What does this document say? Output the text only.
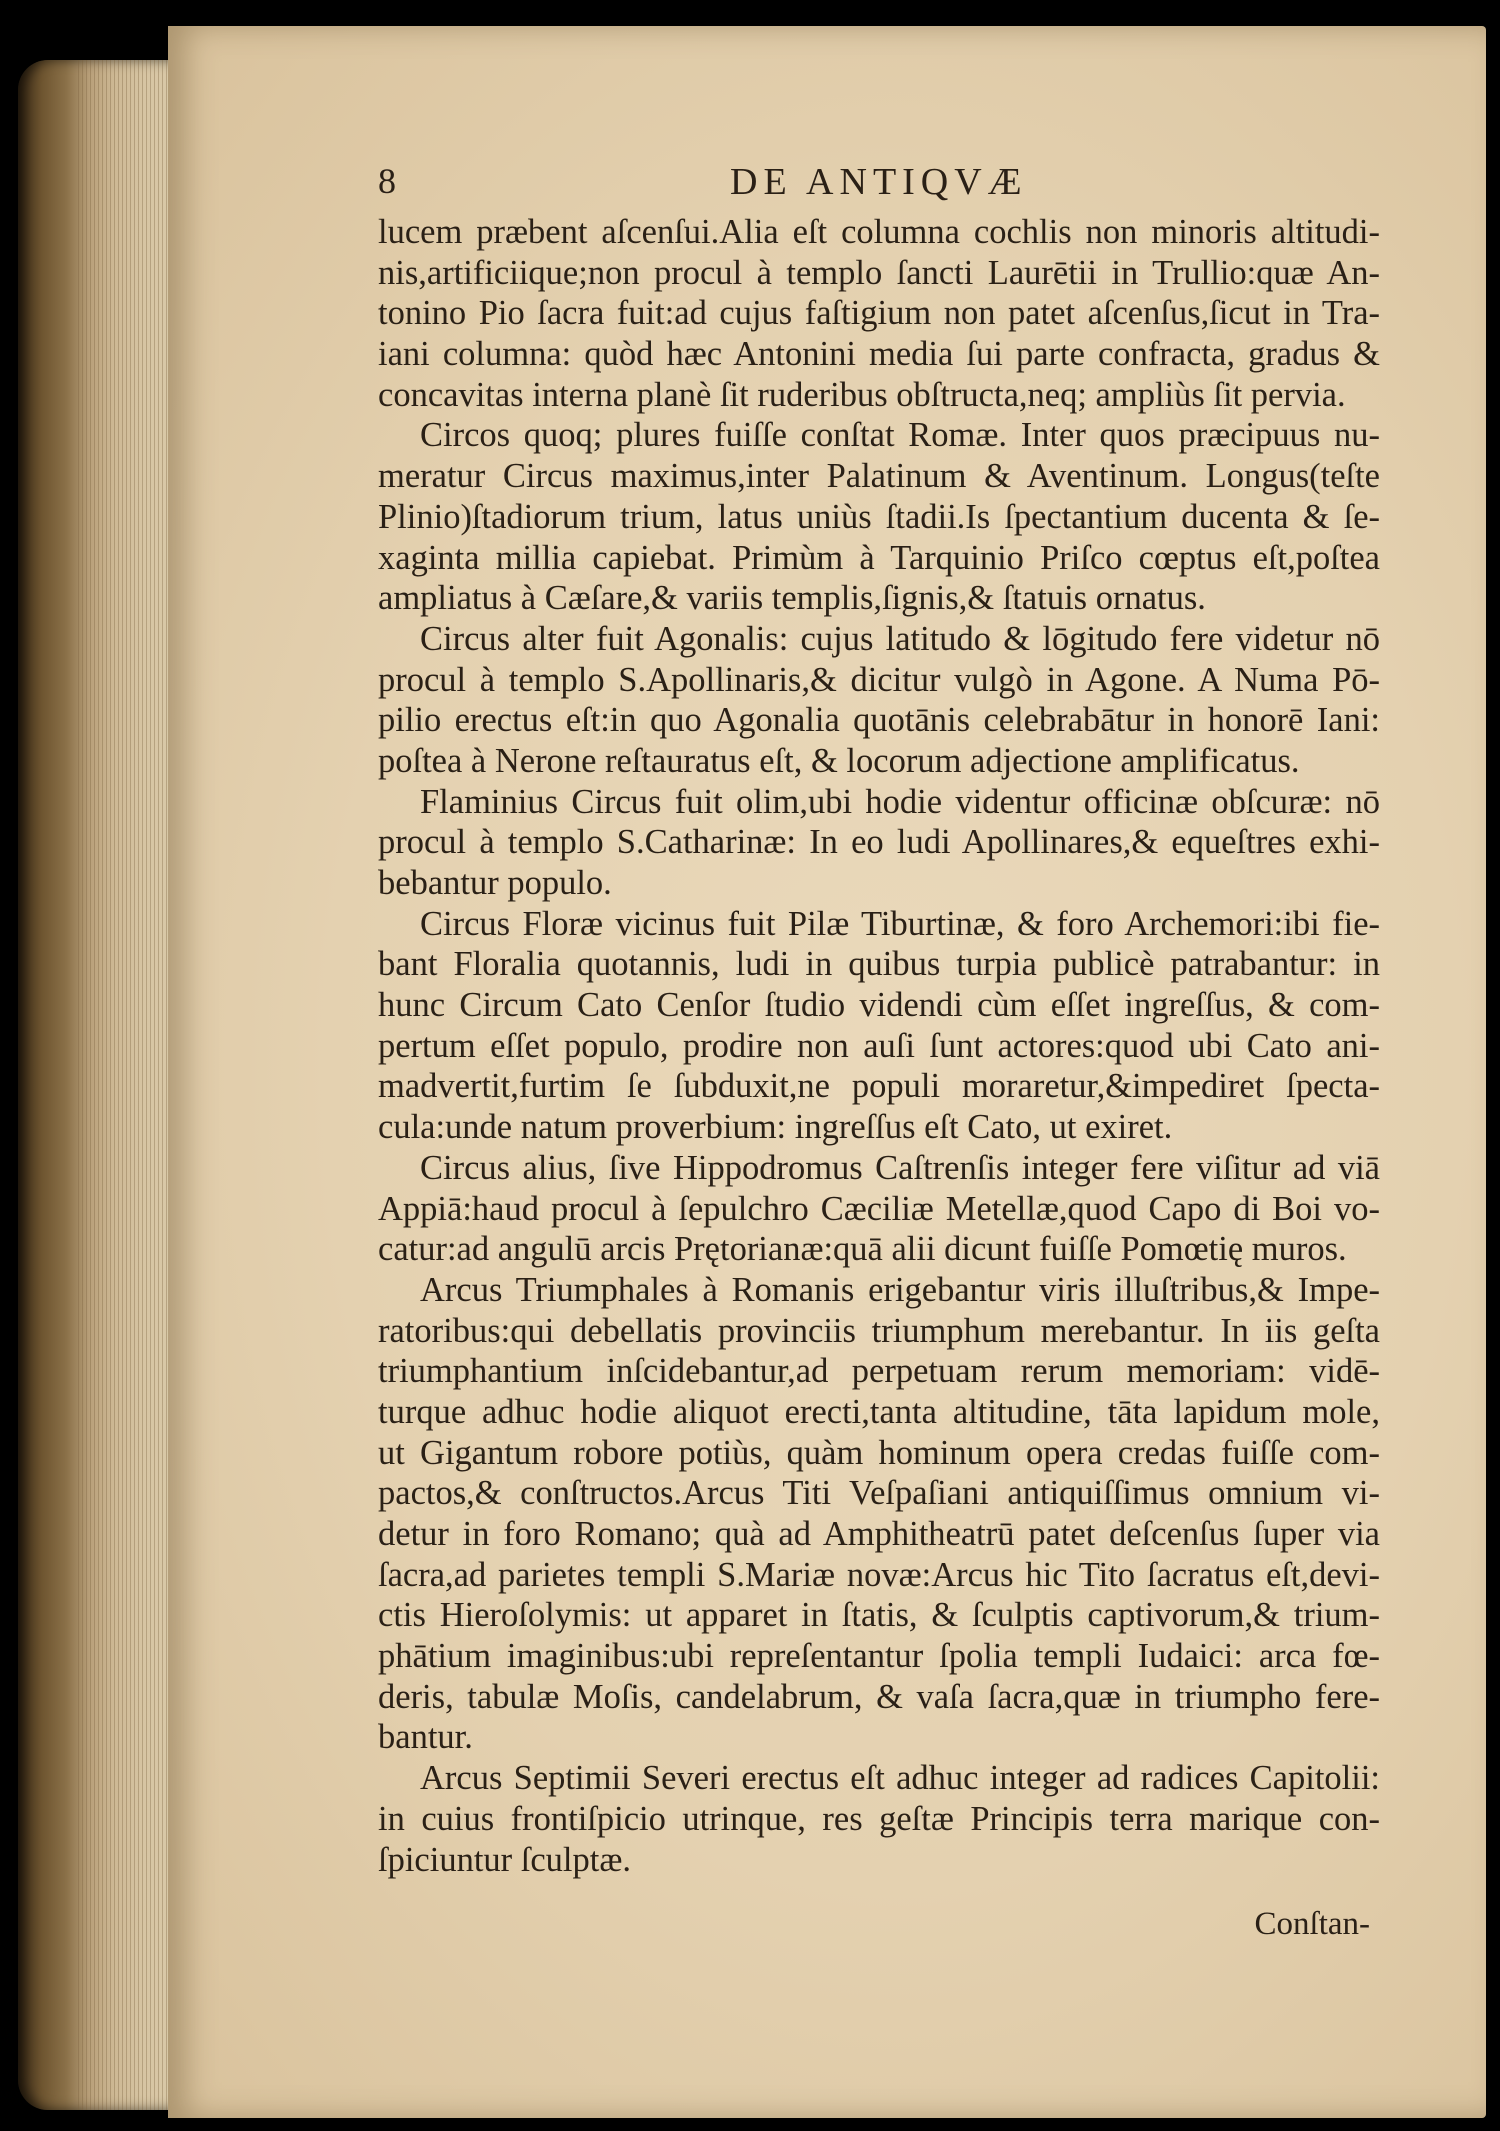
8	DE ANTIQVÆ
lucem præbent aſcenſui.Alia eſt columna cochlis non minoris altitudi-
nis,artificiique;non procul à templo ſancti Laurētii in Trullio:quæ An-
tonino Pio ſacra fuit:ad cujus faſtigium non patet aſcenſus,ſicut in Tra-
iani columna: quòd hæc Antonini media ſui parte confracta, gradus &
concavitas interna planè ſit ruderibus obſtructa,neq; ampliùs ſit pervia.
Circos quoq; plures fuiſſe conſtat Romæ. Inter quos præcipuus nu-
meratur Circus maximus,inter Palatinum & Aventinum. Longus(teſte
Plinio)ſtadiorum trium, latus uniùs ſtadii.Is ſpectantium ducenta & ſe-
xaginta millia capiebat. Primùm à Tarquinio Priſco cœptus eſt,poſtea
ampliatus à Cæſare,& variis templis,ſignis,& ſtatuis ornatus.
Circus alter fuit Agonalis: cujus latitudo & lōgitudo fere videtur nō
procul à templo S.Apollinaris,& dicitur vulgò in Agone. A Numa Pō-
pilio erectus eſt:in quo Agonalia quotānis celebrabātur in honorē Iani:
poſtea à Nerone reſtauratus eſt, & locorum adjectione amplificatus.
Flaminius Circus fuit olim,ubi hodie videntur officinæ obſcuræ: nō
procul à templo S.Catharinæ: In eo ludi Apollinares,& equeſtres exhi-
bebantur populo.
Circus Floræ vicinus fuit Pilæ Tiburtinæ, & foro Archemori:ibi fie-
bant Floralia quotannis, ludi in quibus turpia publicè patrabantur: in
hunc Circum Cato Cenſor ſtudio videndi cùm eſſet ingreſſus, & com-
pertum eſſet populo, prodire non auſi ſunt actores:quod ubi Cato ani-
madvertit,furtim ſe ſubduxit,ne populi moraretur,&impediret ſpecta-
cula:unde natum proverbium: ingreſſus eſt Cato, ut exiret.
Circus alius, ſive Hippodromus Caſtrenſis integer fere viſitur ad viā
Appiā:haud procul à ſepulchro Cæciliæ Metellæ,quod Capo di Boi vo-
catur:ad angulū arcis Prętorianæ:quā alii dicunt fuiſſe Pomœtię muros.
Arcus Triumphales à Romanis erigebantur viris illuſtribus,& Impe-
ratoribus:qui debellatis provinciis triumphum merebantur. In iis geſta
triumphantium inſcidebantur,ad perpetuam rerum memoriam: vidē-
turque adhuc hodie aliquot erecti,tanta altitudine, tāta lapidum mole,
ut Gigantum robore potiùs, quàm hominum opera credas fuiſſe com-
pactos,& conſtructos.Arcus Titi Veſpaſiani antiquiſſimus omnium vi-
detur in foro Romano; quà ad Amphitheatrū patet deſcenſus ſuper via
ſacra,ad parietes templi S.Mariæ novæ:Arcus hic Tito ſacratus eſt,devi-
ctis Hieroſolymis: ut apparet in ſtatis, & ſculptis captivorum,& trium-
phātium imaginibus:ubi repreſentantur ſpolia templi Iudaici: arca fœ-
deris, tabulæ Moſis, candelabrum, & vaſa ſacra,quæ in triumpho fere-
bantur.
Arcus Septimii Severi erectus eſt adhuc integer ad radices Capitolii:
in cuius frontiſpicio utrinque, res geſtæ Principis terra marique con-
ſpiciuntur ſculptæ.
Conſtan-
